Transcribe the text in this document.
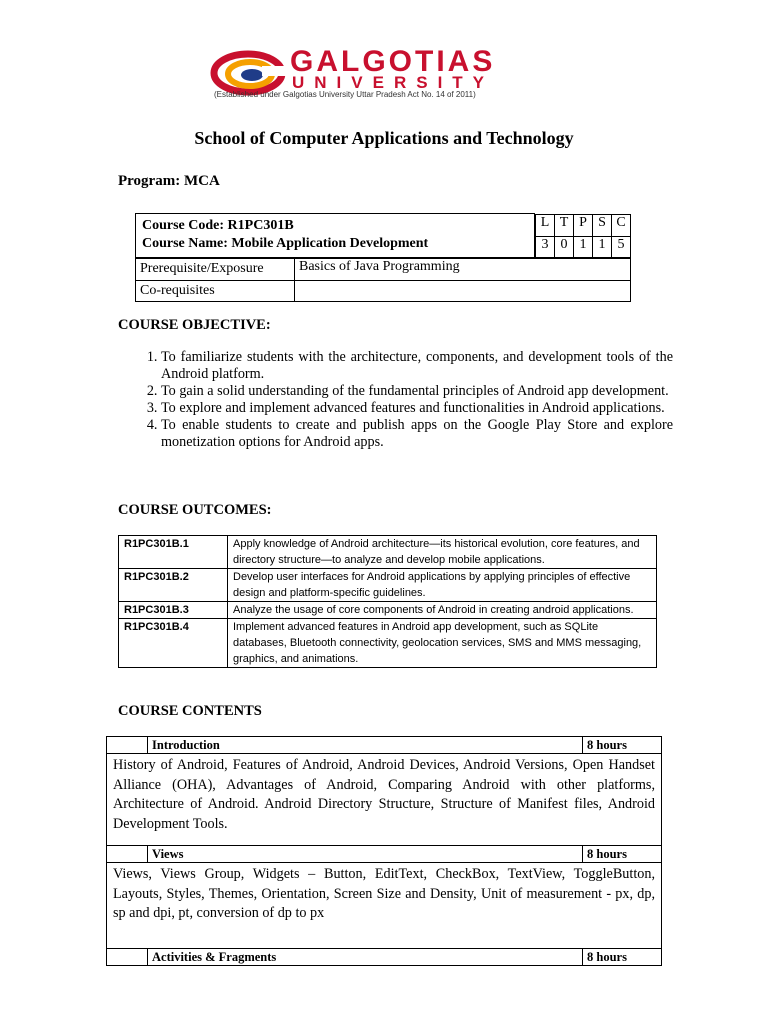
GALGOTIAS
UNIVERSITY
(Established under Galgotias University Uttar Pradesh Act No. 14 of 2011)
School of Computer Applications and Technology
Program: MCA
Course Code: R1PC301B
Course Name: Mobile Application Development

L	T	P	S	C
3	0	1	1	5
Prerequisite/Exposure	Basics of Java Programming
Co-requisites	
COURSE OBJECTIVE:
1. To familiarize students with the architecture, components, and development tools of the Android platform.
2. To gain a solid understanding of the fundamental principles of Android app development.
3. To explore and implement advanced features and functionalities in Android applications.
4. To enable students to create and publish apps on the Google Play Store and explore monetization options for Android apps.
COURSE OUTCOMES:
R1PC301B.1	Apply knowledge of Android architecture—its historical evolution, core features, and directory structure—to analyze and develop mobile applications.
R1PC301B.2	Develop user interfaces for Android applications by applying principles of effective design and platform-specific guidelines.
R1PC301B.3	Analyze the usage of core components of Android in creating android applications.
R1PC301B.4	Implement advanced features in Android app development, such as SQLite databases, Bluetooth connectivity, geolocation services, SMS and MMS messaging, graphics, and animations.
COURSE CONTENTS
	Introduction	8 hours
History of Android, Features of Android, Android Devices, Android Versions, Open Handset Alliance (OHA), Advantages of Android, Comparing Android with other platforms, Architecture of Android. Android Directory Structure, Structure of Manifest files, Android Development Tools.		
	Views	8 hours
Views, Views Group, Widgets – Button, EditText, CheckBox, TextView, ToggleButton, Layouts, Styles, Themes, Orientation, Screen Size and Density, Unit of measurement - px, dp, sp and dpi, pt, conversion of dp to px		
	Activities & Fragments	8 hours
